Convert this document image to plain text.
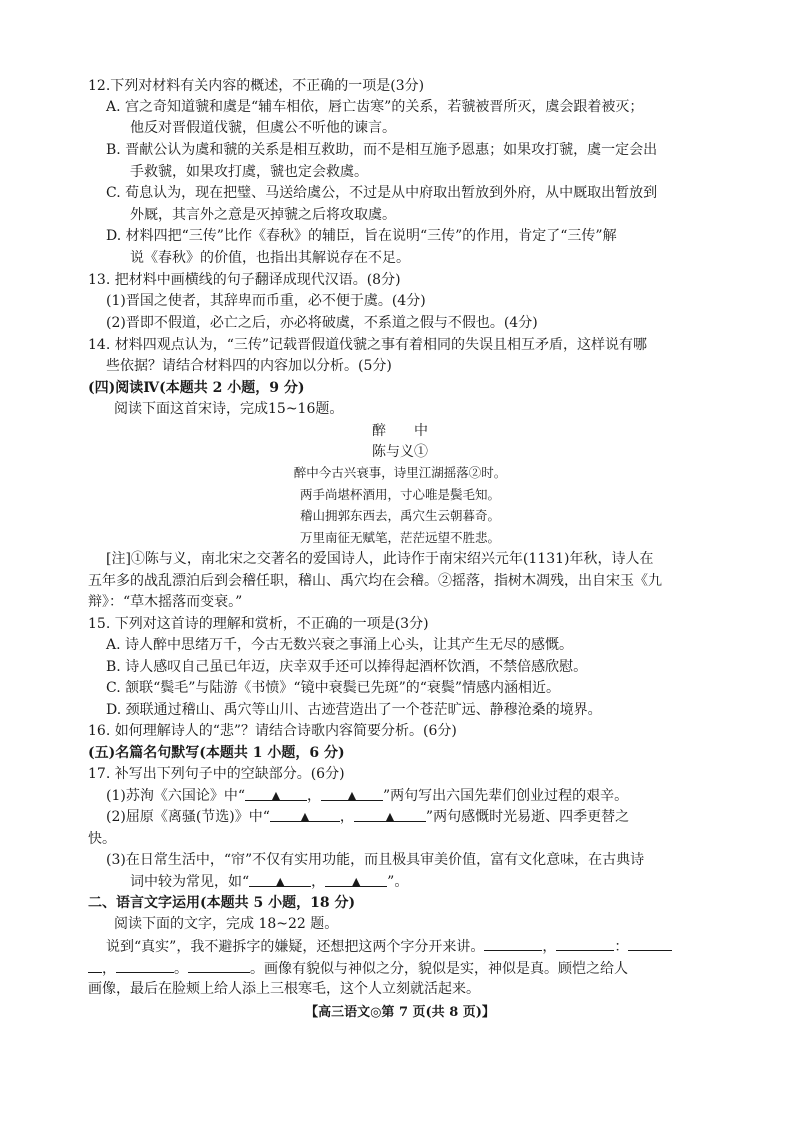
12.下列对材料有关内容的概述，不正确的一项是(3分)
A. 宫之奇知道虢和虞是“辅车相依，唇亡齿寒”的关系，若虢被晋所灭，虞会跟着被灭；
他反对晋假道伐虢，但虞公不听他的谏言。
B. 晋献公认为虞和虢的关系是相互救助，而不是相互施予恩惠；如果攻打虢，虞一定会出
手救虢，如果攻打虞，虢也定会救虞。
C. 荀息认为，现在把璧、马送给虞公，不过是从中府取出暂放到外府，从中厩取出暂放到
外厩，其言外之意是灭掉虢之后将攻取虞。
D. 材料四把“三传”比作《春秋》的辅臣，旨在说明“三传”的作用，肯定了“三传”解
说《春秋》的价值，也指出其解说存在不足。
13. 把材料中画横线的句子翻译成现代汉语。(8分)
(1)晋国之使者，其辞卑而币重，必不便于虞。(4分)
(2)晋即不假道，必亡之后，亦必将破虞，不系道之假与不假也。(4分)
14. 材料四观点认为，“三传”记载晋假道伐虢之事有着相同的失误且相互矛盾，这样说有哪
些依据？请结合材料四的内容加以分析。(5分)
(四)阅读Ⅳ(本题共 2 小题，9 分)
阅读下面这首宋诗，完成15~16题。
醉　　中
陈与义①
醉中今古兴衰事，诗里江湖摇落②时。
两手尚堪杯酒用，寸心唯是鬓毛知。
稽山拥郭东西去，禹穴生云朝暮奇。
万里南征无赋笔，茫茫远望不胜悲。
[注]①陈与义，南北宋之交著名的爱国诗人，此诗作于南宋绍兴元年(1131)年秋，诗人在
五年多的战乱漂泊后到会稽任职，稽山、禹穴均在会稽。②摇落，指树木凋残，出自宋玉《九
辩》：“草木摇落而变衰。”
15. 下列对这首诗的理解和赏析，不正确的一项是(3分)
A. 诗人醉中思绪万千，今古无数兴衰之事涌上心头，让其产生无尽的感慨。
B. 诗人感叹自己虽已年迈，庆幸双手还可以捧得起酒杯饮酒，不禁倍感欣慰。
C. 颔联“鬓毛”与陆游《书愤》“镜中衰鬓已先斑”的“衰鬓”情感内涵相近。
D. 颈联通过稽山、禹穴等山川、古迹营造出了一个苍茫旷远、静穆沧桑的境界。
16. 如何理解诗人的“悲”？请结合诗歌内容简要分析。(6分)
(五)名篇名句默写(本题共 1 小题，6 分)
17. 补写出下列句子中的空缺部分。(6分)
(1)苏洵《六国论》中“ ▲ ， ▲ ”两句写出六国先辈们创业过程的艰辛。
(2)屈原《离骚(节选)》中“	▲ ，	▲ ”两句感慨时光易逝、四季更替之
快。
(3)在日常生活中，“帘”不仅有实用功能，而且极具审美价值，富有文化意味，在古典诗
词中较为常见，如“ ▲ ， ▲ ”。
二、语言文字运用(本题共 5 小题，18 分)
阅读下面的文字，完成 18~22 题。
说到“真实”，我不避拆字的嫌疑，还想把这两个字分开来讲。	，	：
，	。	。画像有貌似与神似之分，貌似是实，神似是真。顾恺之给人
画像，最后在脸颊上给人添上三根寒毛，这个人立刻就活起来。
【高三语文◎第 7 页(共 8 页)】
